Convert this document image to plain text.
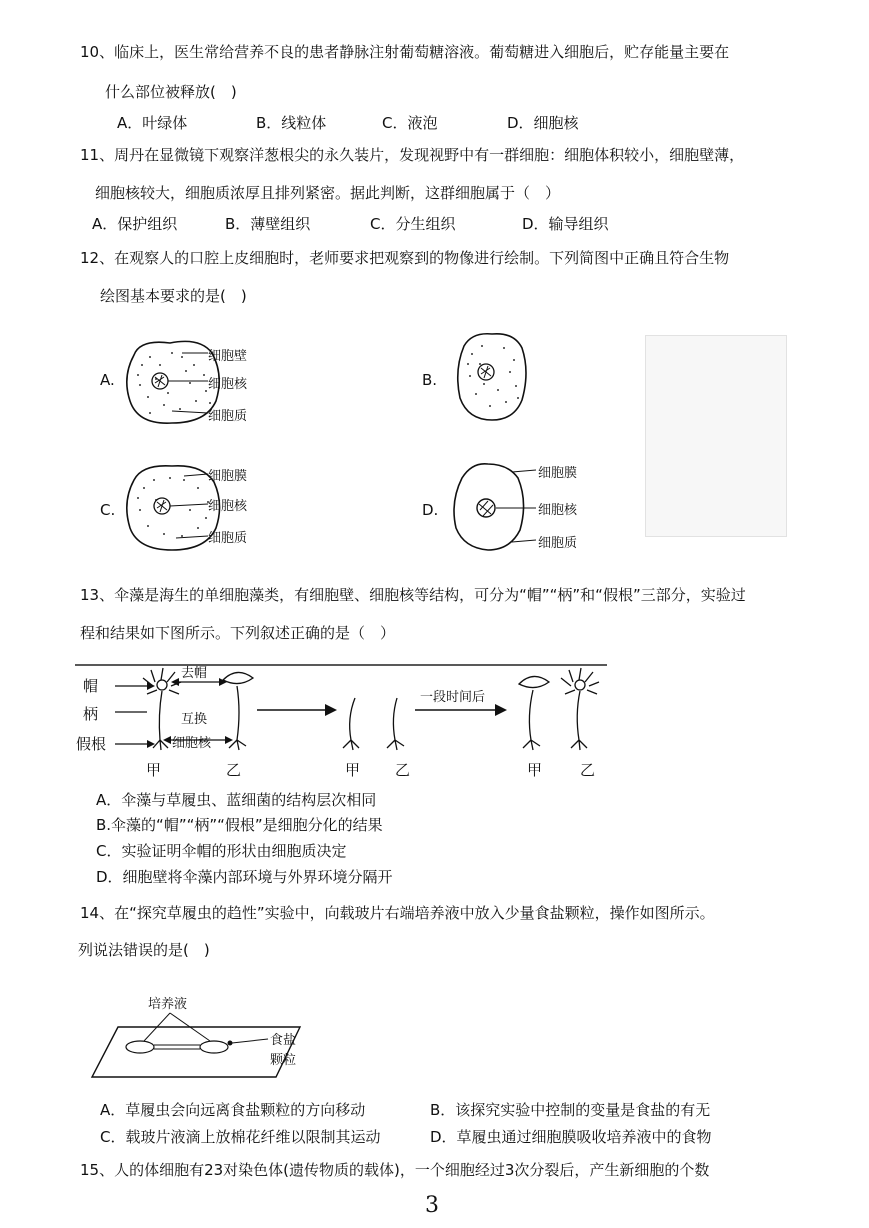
10、临床上，医生常给营养不良的患者静脉注射葡萄糖溶液。葡萄糖进入细胞后，贮存能量主要在
什么部位被释放(　)
A．叶绿体	B．线粒体	C．液泡	D．细胞核
11、周丹在显微镜下观察洋葱根尖的永久装片，发现视野中有一群细胞：细胞体积较小，细胞壁薄，
细胞核较大，细胞质浓厚且排列紧密。据此判断，这群细胞属于（　）
A．保护组织	B．薄壁组织	C．分生组织	D．输导组织
12、在观察人的口腔上皮细胞时，老师要求把观察到的物像进行绘制。下列简图中正确且符合生物
绘图基本要求的是(　)
A.
细胞壁
细胞核
细胞质
B.
C.
细胞膜
细胞核
细胞质
D.
细胞膜
细胞核
细胞质
13、伞藻是海生的单细胞藻类，有细胞壁、细胞核等结构，可分为“帽”“柄”和“假根”三部分，实验过
程和结果如下图所示。下列叙述正确的是（　）
帽
柄
假根
去帽
互换
细胞核
一段时间后
甲	乙	甲 乙	甲	乙
A．伞藻与草履虫、蓝细菌的结构层次相同
B.伞藻的“帽”“柄”“假根”是细胞分化的结果
C．实验证明伞帽的形状由细胞质决定
D．细胞壁将伞藻内部环境与外界环境分隔开
14、在“探究草履虫的趋性”实验中，向载玻片右端培养液中放入少量食盐颗粒，操作如图所示。
列说法错误的是(　)
培养液
食盐
颗粒
A．草履虫会向远离食盐颗粒的方向移动	B．该探究实验中控制的变量是食盐的有无
C．载玻片液滴上放棉花纤维以限制其运动	D．草履虫通过细胞膜吸收培养液中的食物
15、人的体细胞有23对染色体(遗传物质的载体)，一个细胞经过3次分裂后，产生新细胞的个数
3
